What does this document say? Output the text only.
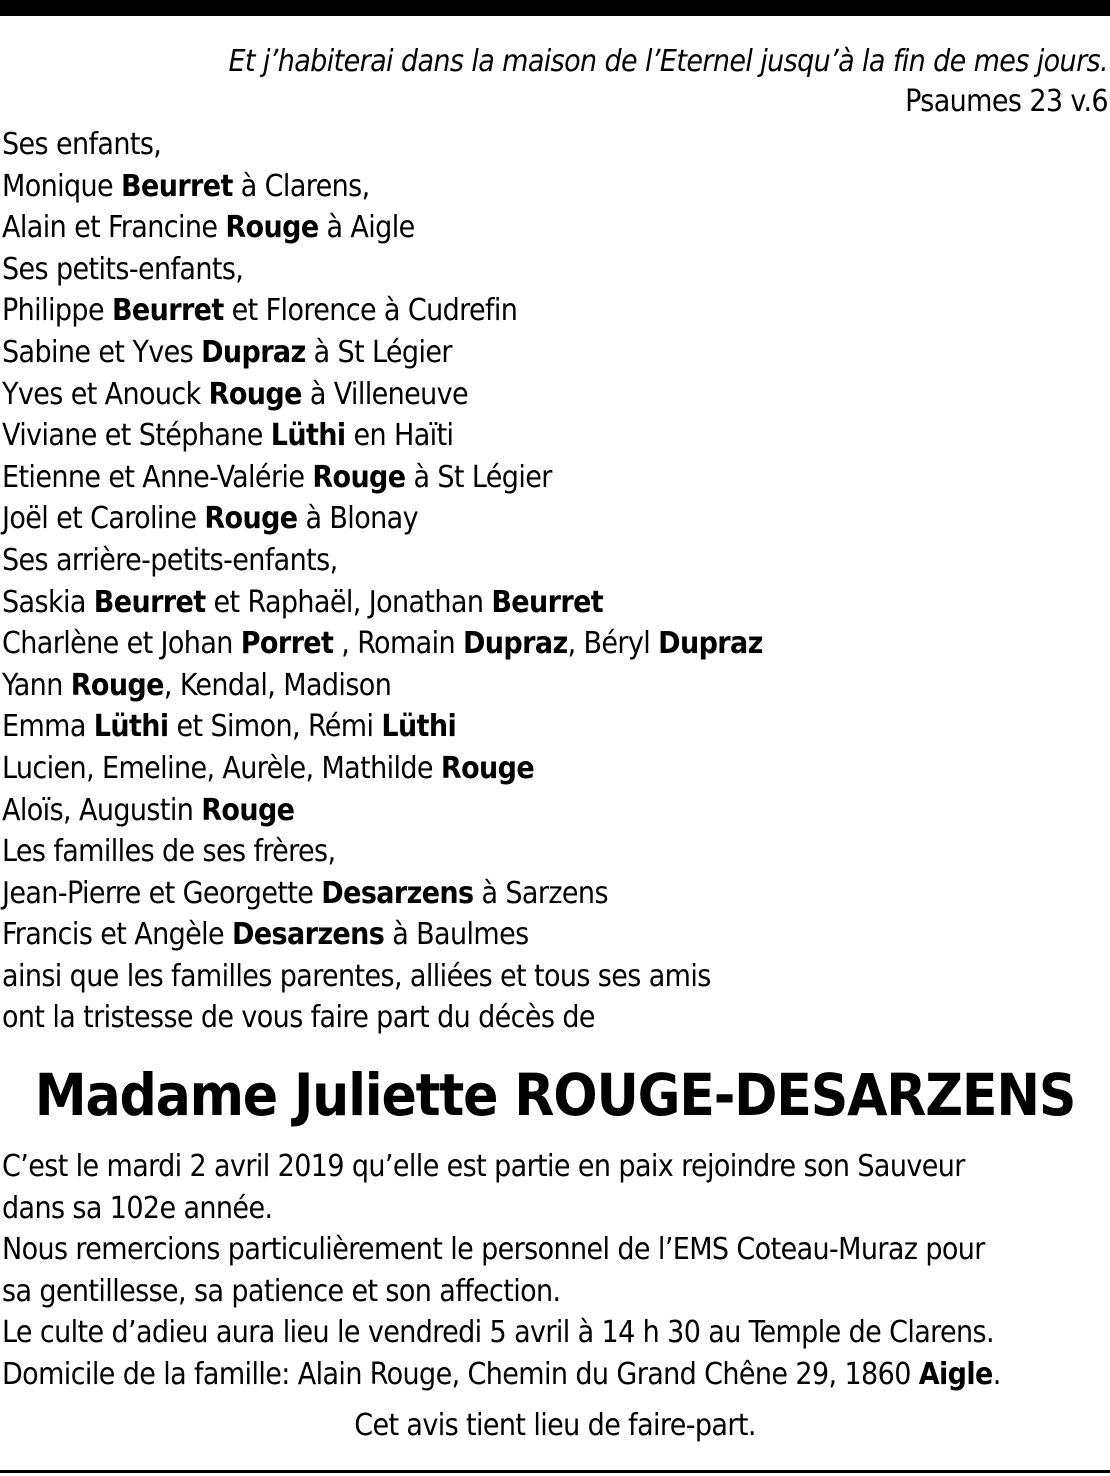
Et j’habiterai dans la maison de l’Eternel jusqu’à la fin de mes jours.
Psaumes 23 v.6
Ses enfants,
Monique Beurret à Clarens,
Alain et Francine Rouge à Aigle
Ses petits-enfants,
Philippe Beurret et Florence à Cudrefin
Sabine et Yves Dupraz à St Légier
Yves et Anouck Rouge à Villeneuve
Viviane et Stéphane Lüthi en Haïti
Etienne et Anne-Valérie Rouge à St Légier
Joël et Caroline Rouge à Blonay
Ses arrière-petits-enfants,
Saskia Beurret et Raphaël, Jonathan Beurret
Charlène et Johan Porret , Romain Dupraz, Béryl Dupraz
Yann Rouge, Kendal, Madison
Emma Lüthi et Simon, Rémi Lüthi
Lucien, Emeline, Aurèle, Mathilde Rouge
Aloïs, Augustin Rouge
Les familles de ses frères,
Jean-Pierre et Georgette Desarzens à Sarzens
Francis et Angèle Desarzens à Baulmes
ainsi que les familles parentes, alliées et tous ses amis
ont la tristesse de vous faire part du décès de
Madame Juliette ROUGE-DESARZENS
C’est le mardi 2 avril 2019 qu’elle est partie en paix rejoindre son Sauveur
dans sa 102e année.
Nous remercions particulièrement le personnel de l’EMS Coteau-Muraz pour
sa gentillesse, sa patience et son affection.
Le culte d’adieu aura lieu le vendredi 5 avril à 14 h 30 au Temple de Clarens.
Domicile de la famille: Alain Rouge, Chemin du Grand Chêne 29, 1860 Aigle.
Cet avis tient lieu de faire-part.
